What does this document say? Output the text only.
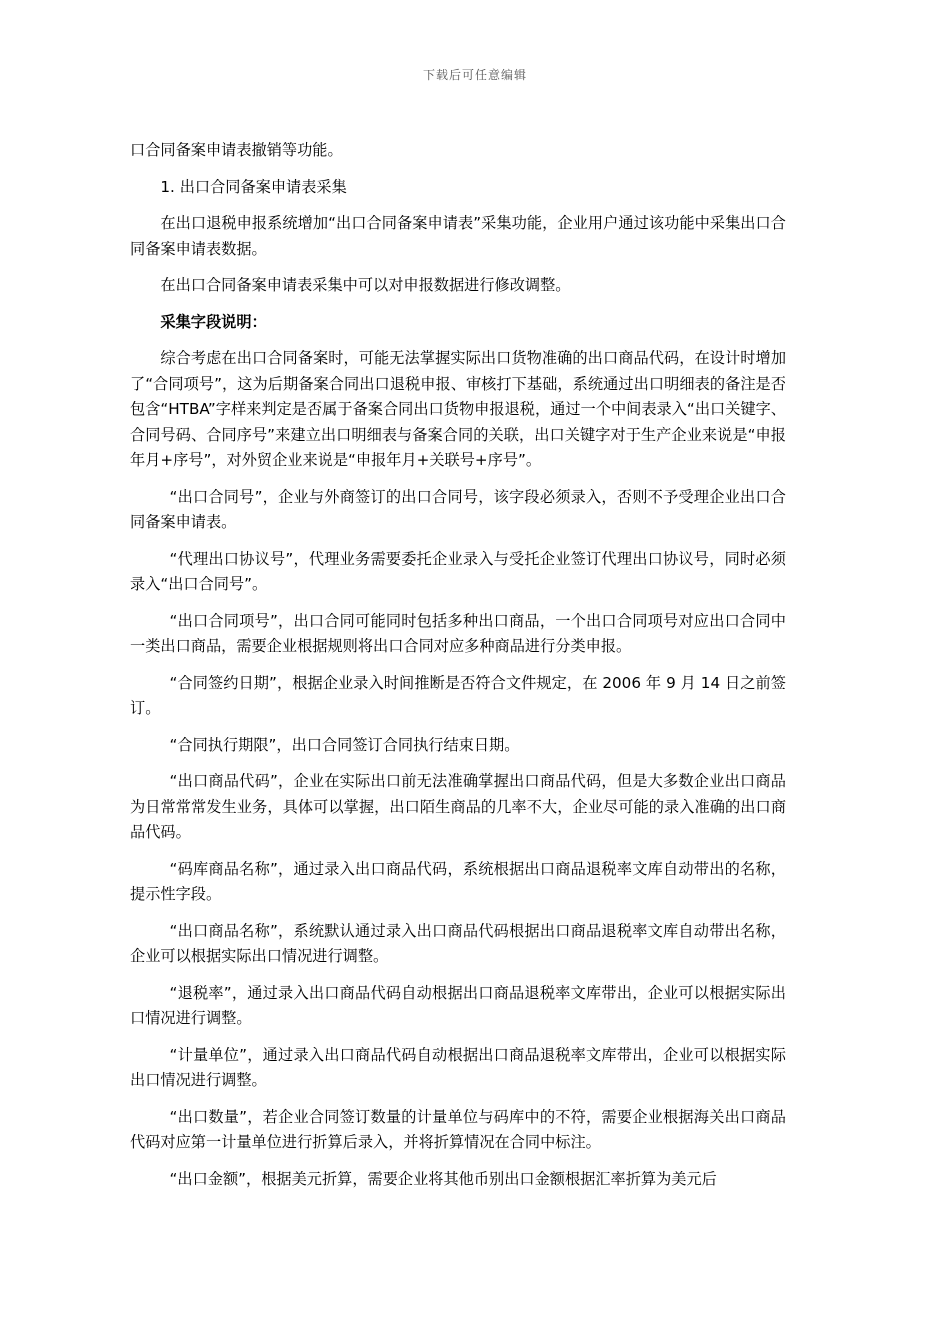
下载后可任意编辑

口合同备案申请表撤销等功能。

1. 出口合同备案申请表采集

在出口退税申报系统增加“出口合同备案申请表”采集功能，企业用户通过该功能中采集出口合同备案申请表数据。

在出口合同备案申请表采集中可以对申报数据进行修改调整。

采集字段说明：

综合考虑在出口合同备案时，可能无法掌握实际出口货物准确的出口商品代码，在设计时增加了“合同项号”，这为后期备案合同出口退税申报、审核打下基础，系统通过出口明细表的备注是否包含“HTBA”字样来判定是否属于备案合同出口货物申报退税，通过一个中间表录入“出口关键字、合同号码、合同序号”来建立出口明细表与备案合同的关联，出口关键字对于生产企业来说是“申报年月+序号”，对外贸企业来说是“申报年月+关联号+序号”。

“出口合同号”，企业与外商签订的出口合同号，该字段必须录入，否则不予受理企业出口合同备案申请表。

“代理出口协议号”，代理业务需要委托企业录入与受托企业签订代理出口协议号，同时必须录入“出口合同号”。

“出口合同项号”，出口合同可能同时包括多种出口商品，一个出口合同项号对应出口合同中一类出口商品，需要企业根据规则将出口合同对应多种商品进行分类申报。

“合同签约日期”，根据企业录入时间推断是否符合文件规定，在 2006 年 9 月 14 日之前签订。

“合同执行期限”，出口合同签订合同执行结束日期。

“出口商品代码”，企业在实际出口前无法准确掌握出口商品代码，但是大多数企业出口商品为日常常常发生业务，具体可以掌握，出口陌生商品的几率不大，企业尽可能的录入准确的出口商品代码。

“码库商品名称”，通过录入出口商品代码，系统根据出口商品退税率文库自动带出的名称，提示性字段。

“出口商品名称”，系统默认通过录入出口商品代码根据出口商品退税率文库自动带出名称，企业可以根据实际出口情况进行调整。

“退税率”，通过录入出口商品代码自动根据出口商品退税率文库带出，企业可以根据实际出口情况进行调整。

“计量单位”，通过录入出口商品代码自动根据出口商品退税率文库带出，企业可以根据实际出口情况进行调整。

“出口数量”，若企业合同签订数量的计量单位与码库中的不符，需要企业根据海关出口商品代码对应第一计量单位进行折算后录入，并将折算情况在合同中标注。

“出口金额”，根据美元折算，需要企业将其他币别出口金额根据汇率折算为美元后
